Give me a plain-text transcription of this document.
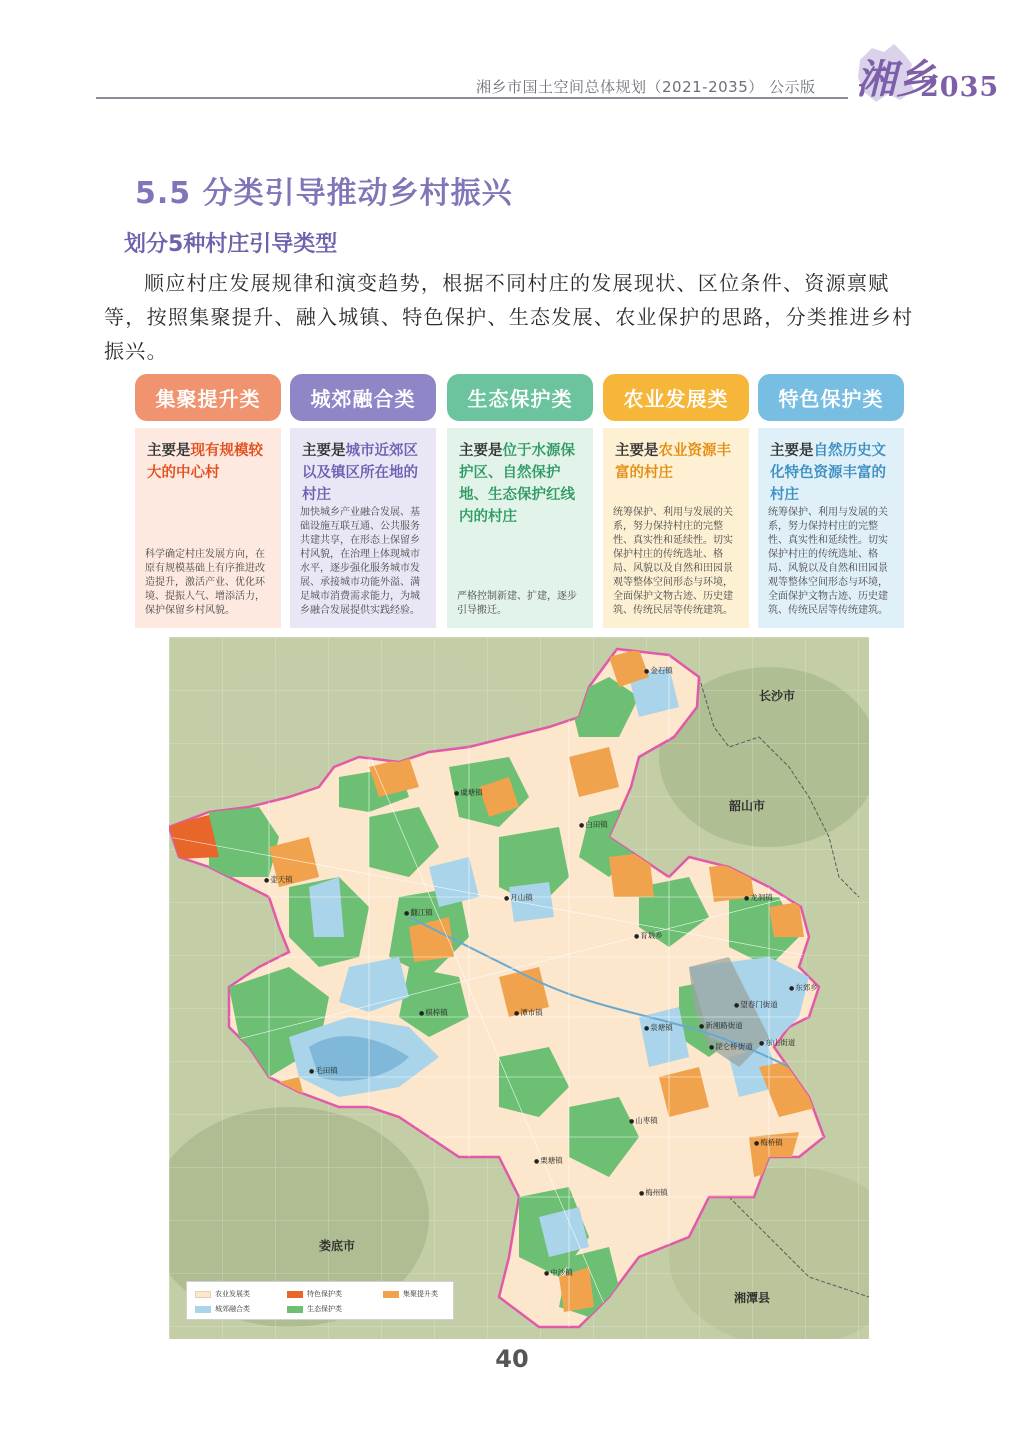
湘乡市国土空间总体规划（2021-2035） 公示版 湘乡
2035
5.5 分类引导推动乡村振兴
划分5种村庄引导类型
顺应村庄发展规律和演变趋势，根据不同村庄的发展现状、区位条件、资源禀赋等，按照集聚提升、融入城镇、特色保护、生态发展、农业保护的思路，分类推进乡村振兴。
集聚提升类
主要是现有规模较大的中心村
科学确定村庄发展方向，在原有规模基础上有序推进改造提升，激活产业、优化环境、提振人气、增添活力，保护保留乡村风貌。
城郊融合类
主要是城市近郊区以及镇区所在地的村庄
加快城乡产业融合发展、基础设施互联互通、公共服务共建共享，在形态上保留乡村风貌，在治理上体现城市水平，逐步强化服务城市发展、承接城市功能外溢、满足城市消费需求能力，为城乡融合发展提供实践经验。
生态保护类
主要是位于水源保护区、自然保护地、生态保护红线内的村庄
严格控制新建、扩建，逐步引导搬迁。
农业发展类
主要是农业资源丰富的村庄
统筹保护、利用与发展的关系，努力保持村庄的完整性、真实性和延续性。切实保护村庄的传统选址、格局、风貌以及自然和田园景观等整体空间形态与环境，全面保护文物古迹、历史建筑、传统民居等传统建筑。
特色保护类
主要是自然历史文化特色资源丰富的村庄
统筹保护、利用与发展的关系，努力保持村庄的完整性、真实性和延续性。切实保护村庄的传统选址、格局、风貌以及自然和田园景观等整体空间形态与环境，全面保护文物古迹、历史建筑、传统民居等传统建筑。
长沙市
韶山市
娄底市
湘潭县
● 金石镇
● 壶天镇
● 翻江镇
● 白田镇
● 虞塘镇
● 棋梓镇
● 龙洞镇
● 月山镇
● 潭市镇
● 毛田镇
● 泉塘镇
● 东郊乡
● 望春门街道
● 新湘路街道
● 东山街道
● 昆仑桥街道
● 山枣镇
● 梅桥镇
● 栗塘镇
● 梅州镇
● 中沙镇
● 育塅乡
农业发展类	特色保护类	集聚提升类
城郊融合类	生态保护类
40
